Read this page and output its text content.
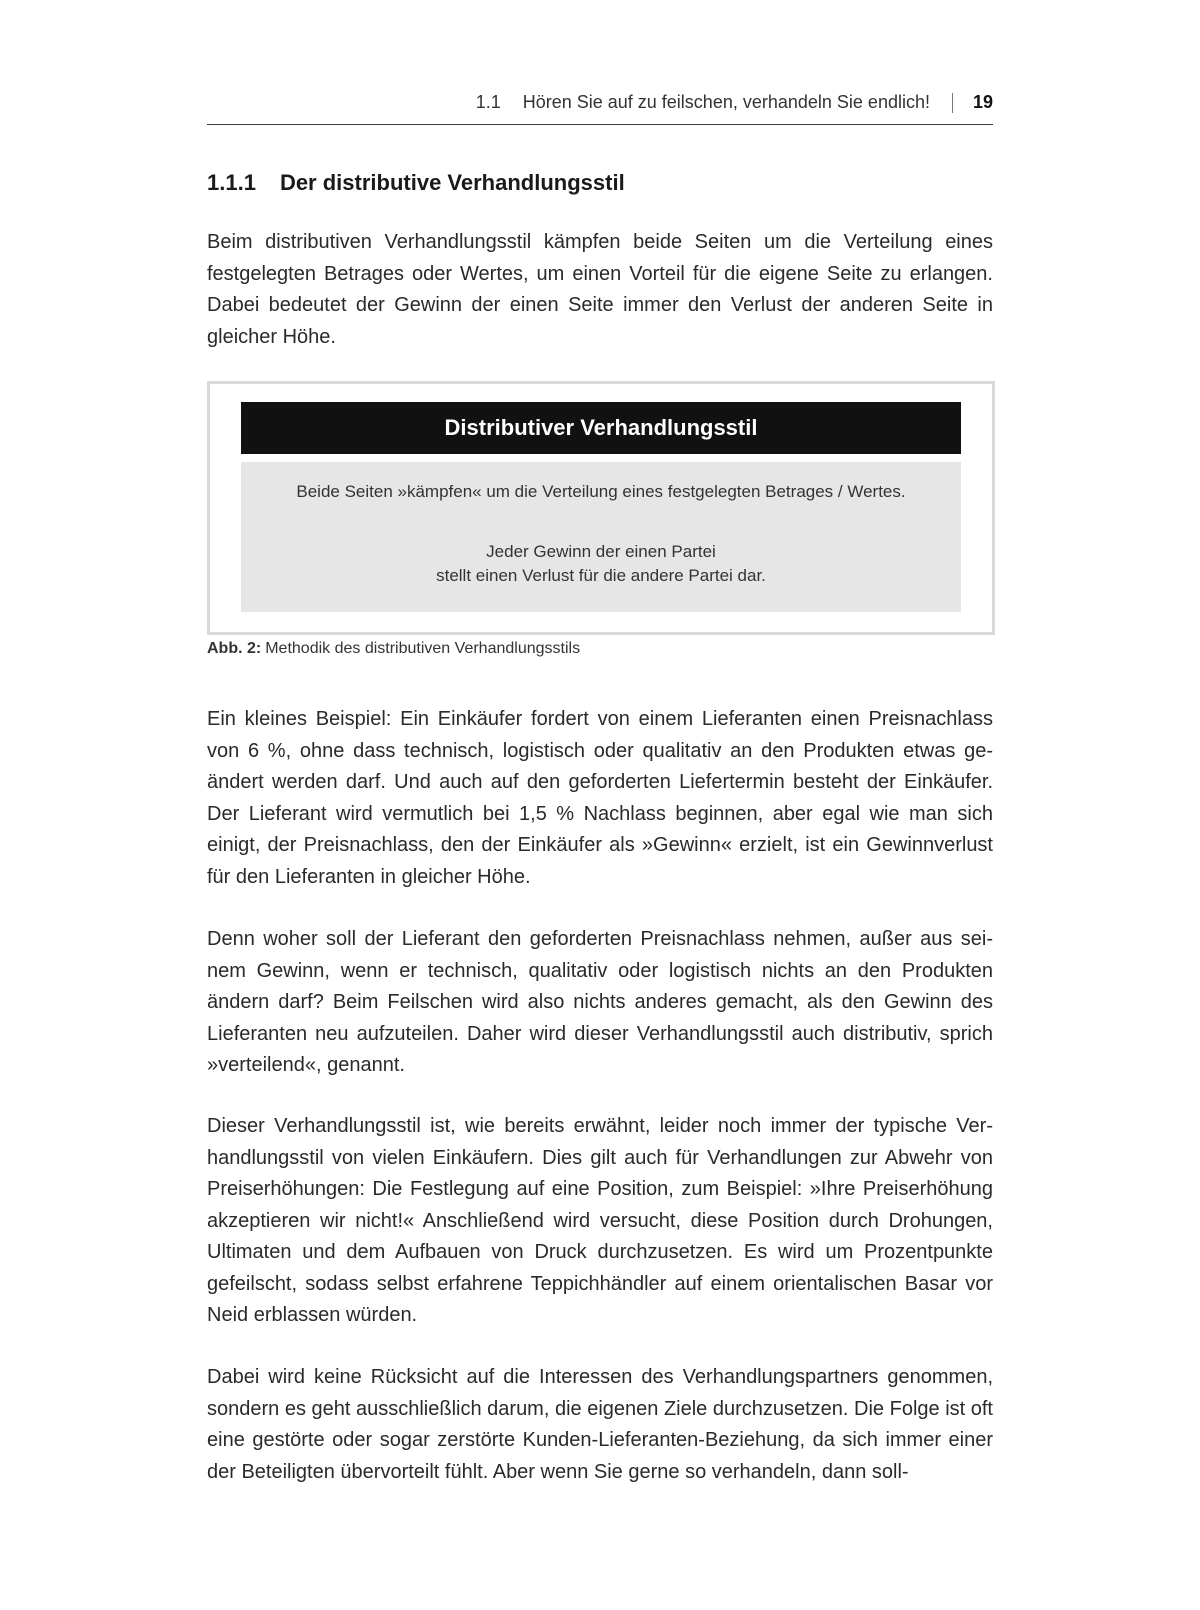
1.1 Hören Sie auf zu feilschen, verhandeln Sie endlich! 19
1.1.1 Der distributive Verhandlungsstil

Beim distributiven Verhandlungsstil kämpfen beide Seiten um die Verteilung eines festgelegten Betrages oder Wertes, um einen Vorteil für die eigene Seite zu erlangen. Dabei bedeutet der Gewinn der einen Seite immer den Verlust der anderen Seite in gleicher Höhe.

Distributiver Verhandlungsstil
Beide Seiten »kämpfen« um die Verteilung eines festgelegten Betrages / Wertes.
Jeder Gewinn der einen Partei
stellt einen Verlust für die andere Partei dar.
Abb. 2: Methodik des distributiven Verhandlungsstils

Ein kleines Beispiel: Ein Einkäufer fordert von einem Lieferanten einen Preisnachlass von 6 %, ohne dass technisch, logistisch oder qualitativ an den Produkten etwas geändert werden darf. Und auch auf den geforderten Liefertermin besteht der Einkäufer. Der Lieferant wird vermutlich bei 1,5 % Nachlass beginnen, aber egal wie man sich einigt, der Preisnachlass, den der Einkäufer als »Gewinn« erzielt, ist ein Gewinnverlust für den Lieferanten in gleicher Höhe.

Denn woher soll der Lieferant den geforderten Preisnachlass nehmen, außer aus seinem Gewinn, wenn er technisch, qualitativ oder logistisch nichts an den Produkten ändern darf? Beim Feilschen wird also nichts anderes gemacht, als den Gewinn des Lieferanten neu aufzuteilen. Daher wird dieser Verhandlungsstil auch distributiv, sprich »verteilend«, genannt.

Dieser Verhandlungsstil ist, wie bereits erwähnt, leider noch immer der typische Verhandlungsstil von vielen Einkäufern. Dies gilt auch für Verhandlungen zur Abwehr von Preiserhöhungen: Die Festlegung auf eine Position, zum Beispiel: »Ihre Preiserhöhung akzeptieren wir nicht!« Anschließend wird versucht, diese Position durch Drohungen, Ultimaten und dem Aufbauen von Druck durchzusetzen. Es wird um Prozentpunkte gefeilscht, sodass selbst erfahrene Teppichhändler auf einem orientalischen Basar vor Neid erblassen würden.

Dabei wird keine Rücksicht auf die Interessen des Verhandlungspartners genommen, sondern es geht ausschließlich darum, die eigenen Ziele durchzusetzen. Die Folge ist oft eine gestörte oder sogar zerstörte Kunden-Lieferanten-Beziehung, da sich immer einer der Beteiligten übervorteilt fühlt. Aber wenn Sie gerne so verhandeln, dann soll-
